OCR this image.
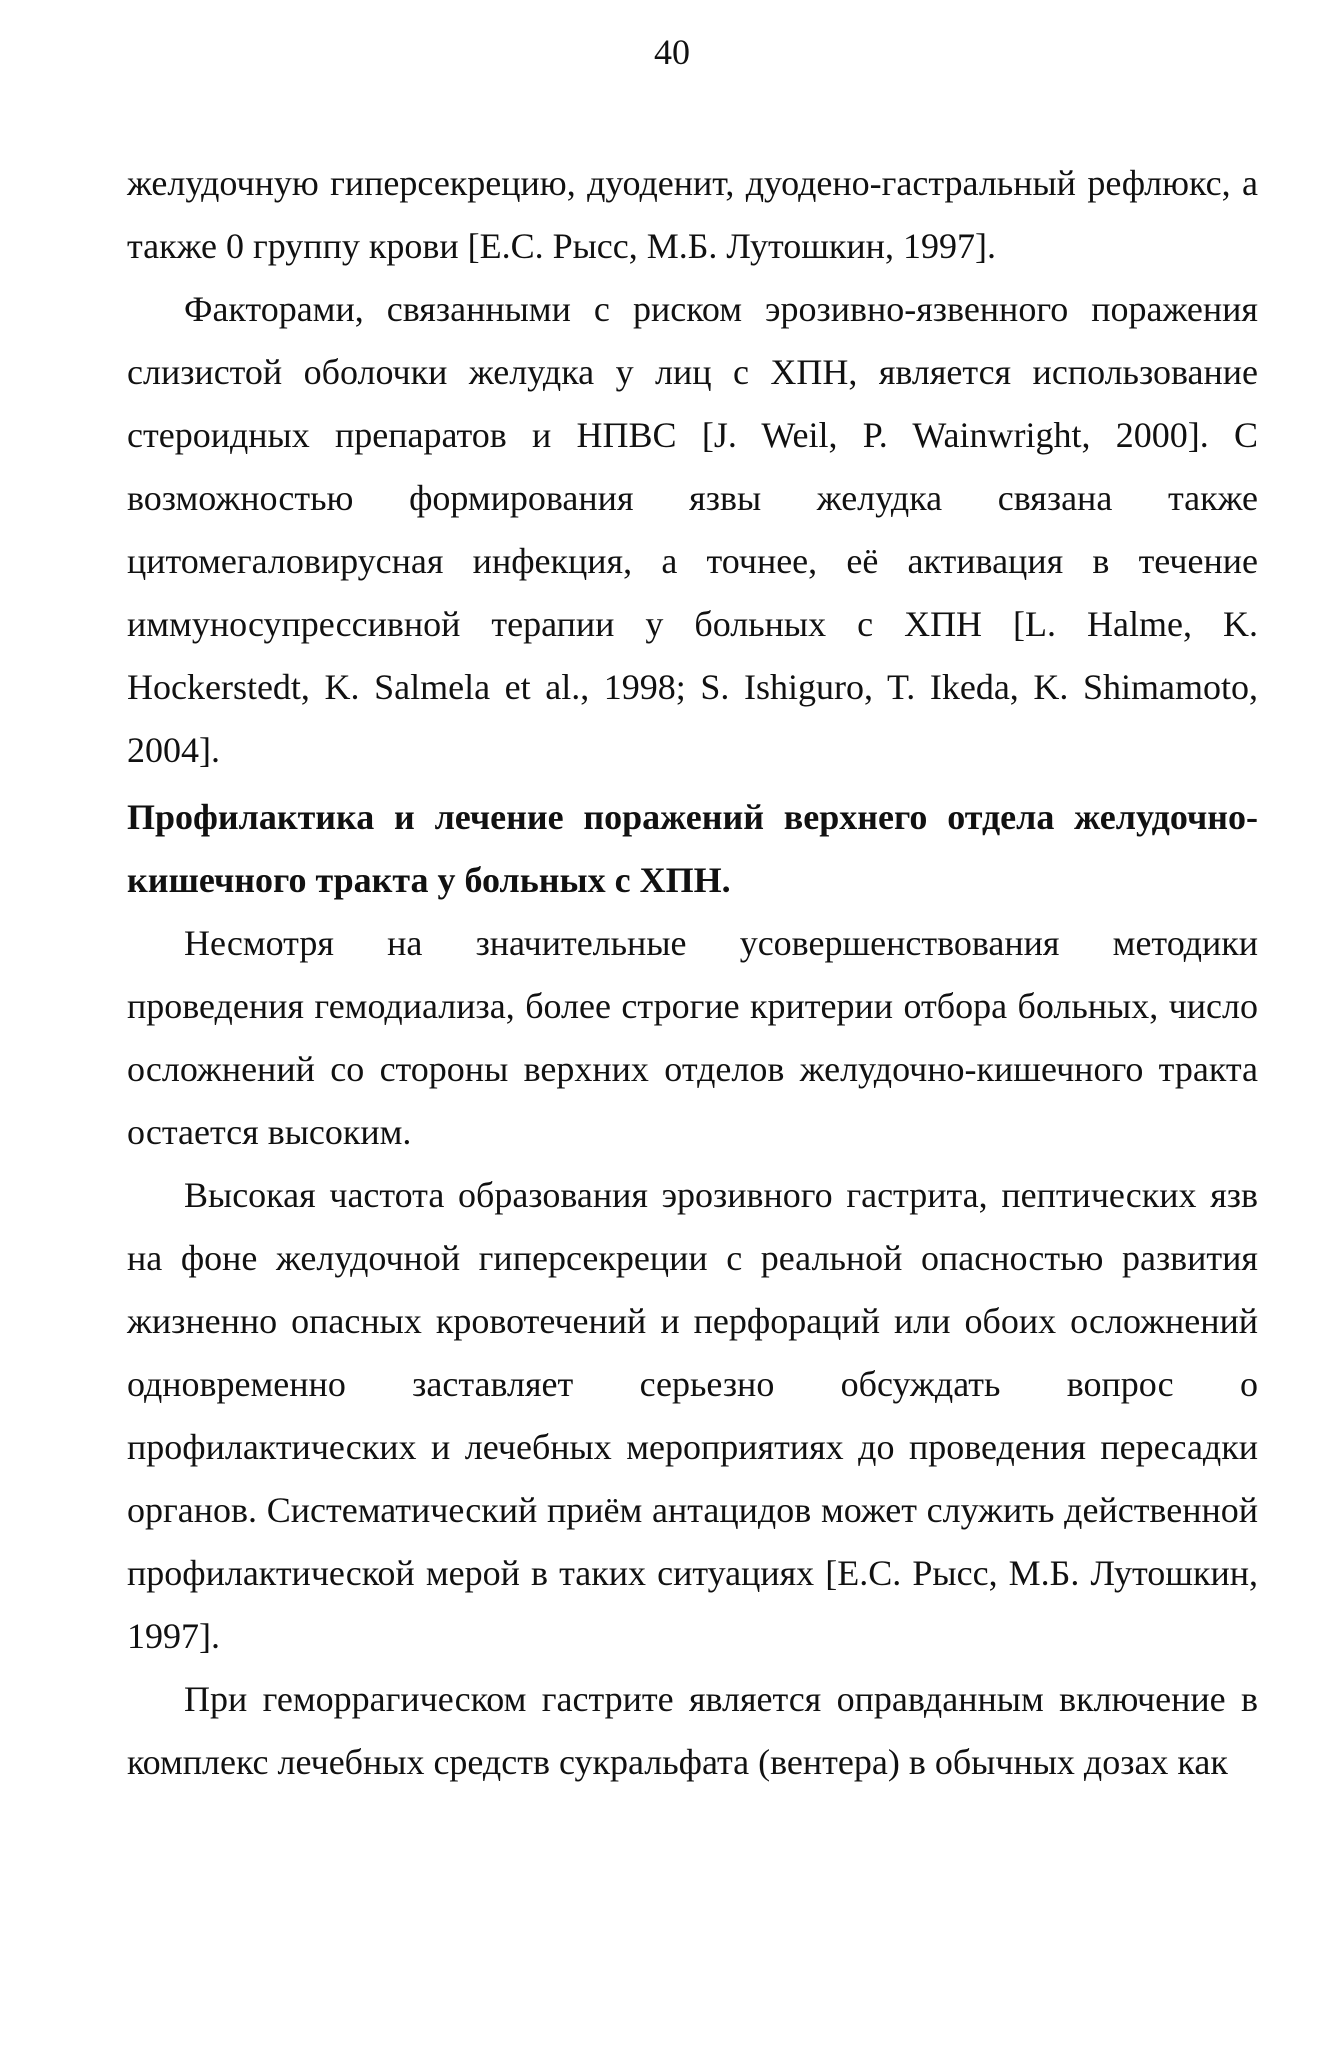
40

желудочную гиперсекрецию, дуоденит, дуодено-гастральный рефлюкс, а также 0 группу крови [Е.С. Рысс, М.Б. Лутошкин, 1997].

Факторами, связанными с риском эрозивно-язвенного поражения слизистой оболочки желудка у лиц с ХПН, является использование стероидных препаратов и НПВС [J. Weil, P. Wainwright, 2000]. С возможностью формирования язвы желудка связана также цитомегаловирусная инфекция, а точнее, её активация в течение иммуносупрессивной терапии у больных с ХПН [L. Halme, K. Hockerstedt, K. Salmela et al., 1998; S. Ishiguro, T. Ikeda, K. Shimamoto, 2004].

Профилактика и лечение поражений верхнего отдела желудочно-кишечного тракта у больных с ХПН.

Несмотря на значительные усовершенствования методики проведения гемодиализа, более строгие критерии отбора больных, число осложнений со стороны верхних отделов желудочно-кишечного тракта остается высоким.

Высокая частота образования эрозивного гастрита, пептических язв на фоне желудочной гиперсекреции с реальной опасностью развития жизненно опасных кровотечений и перфораций или обоих осложнений одновременно заставляет серьезно обсуждать вопрос о профилактических и лечебных мероприятиях до проведения пересадки органов. Систематический приём антацидов может служить действенной профилактической мерой в таких ситуациях [Е.С. Рысс, М.Б. Лутошкин, 1997].

При геморрагическом гастрите является оправданным включение в комплекс лечебных средств сукральфата (вентера) в обычных дозах как
